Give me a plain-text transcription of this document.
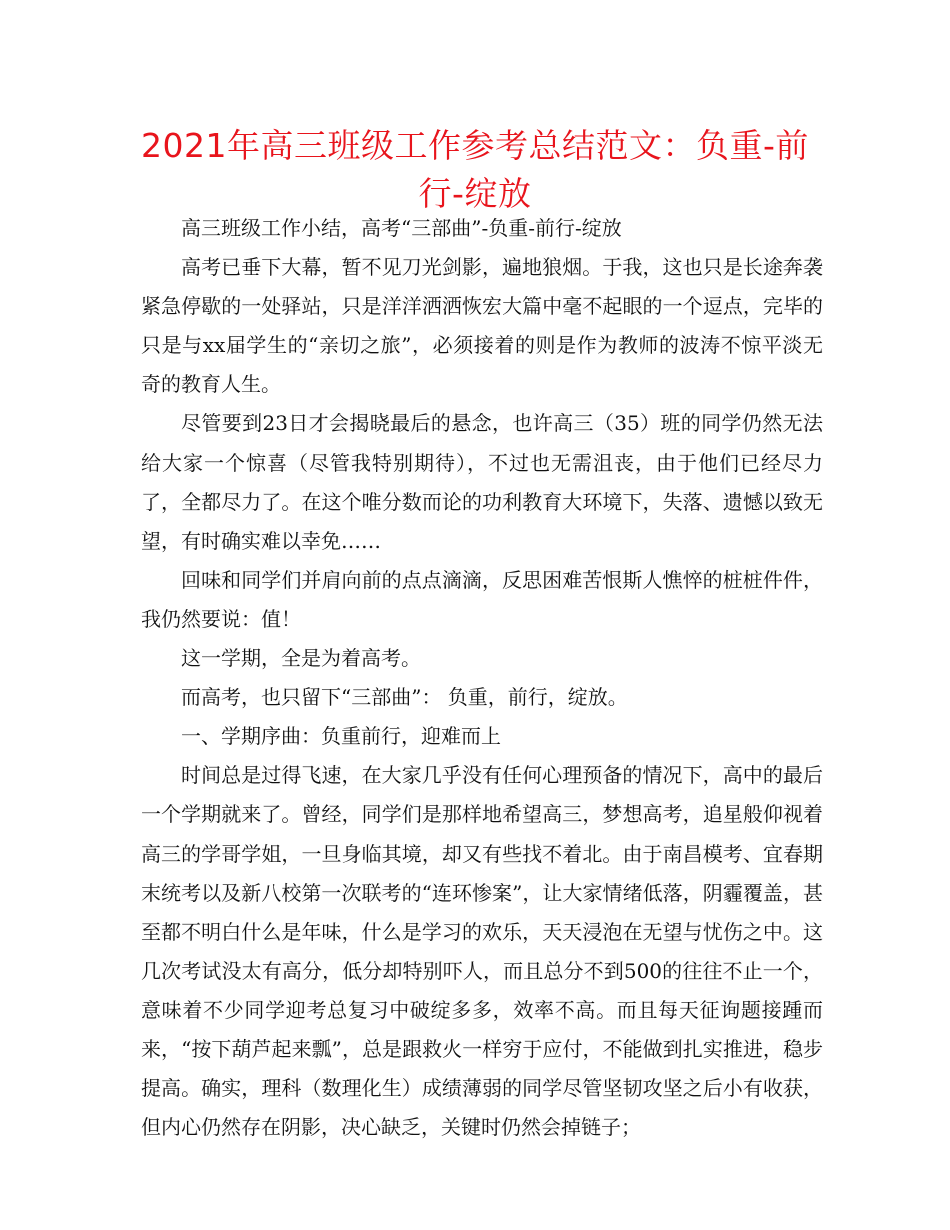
2021年高三班级工作参考总结范文：负重-前行-绽放

高三班级工作小结，高考“三部曲”-负重-前行-绽放

高考已垂下大幕，暂不见刀光剑影，遍地狼烟。于我，这也只是长途奔袭紧急停歇的一处驿站，只是洋洋洒洒恢宏大篇中毫不起眼的一个逗点，完毕的只是与xx届学生的“亲切之旅”，必须接着的则是作为教师的波涛不惊平淡无奇的教育人生。

尽管要到23日才会揭晓最后的悬念，也许高三（35）班的同学仍然无法给大家一个惊喜（尽管我特别期待），不过也无需沮丧，由于他们已经尽力了，全都尽力了。在这个唯分数而论的功利教育大环境下，失落、遗憾以致无望，有时确实难以幸免……

回味和同学们并肩向前的点点滴滴，反思困难苦恨斯人憔悴的桩桩件件，我仍然要说：值！

这一学期，全是为着高考。

而高考，也只留下“三部曲”： 负重，前行，绽放。

一、学期序曲：负重前行，迎难而上

时间总是过得飞速，在大家几乎没有任何心理预备的情况下，高中的最后一个学期就来了。曾经，同学们是那样地希望高三，梦想高考，追星般仰视着高三的学哥学姐，一旦身临其境，却又有些找不着北。由于南昌模考、宜春期末统考以及新八校第一次联考的“连环惨案”，让大家情绪低落，阴霾覆盖，甚至都不明白什么是年味，什么是学习的欢乐，天天浸泡在无望与忧伤之中。这几次考试没太有高分，低分却特别吓人，而且总分不到500的往往不止一个，意味着不少同学迎考总复习中破绽多多，效率不高。而且每天征询题接踵而来，“按下葫芦起来瓢”，总是跟救火一样穷于应付，不能做到扎实推进，稳步提高。确实，理科（数理化生）成绩薄弱的同学尽管坚韧攻坚之后小有收获，但内心仍然存在阴影，决心缺乏，关键时仍然会掉链子；
